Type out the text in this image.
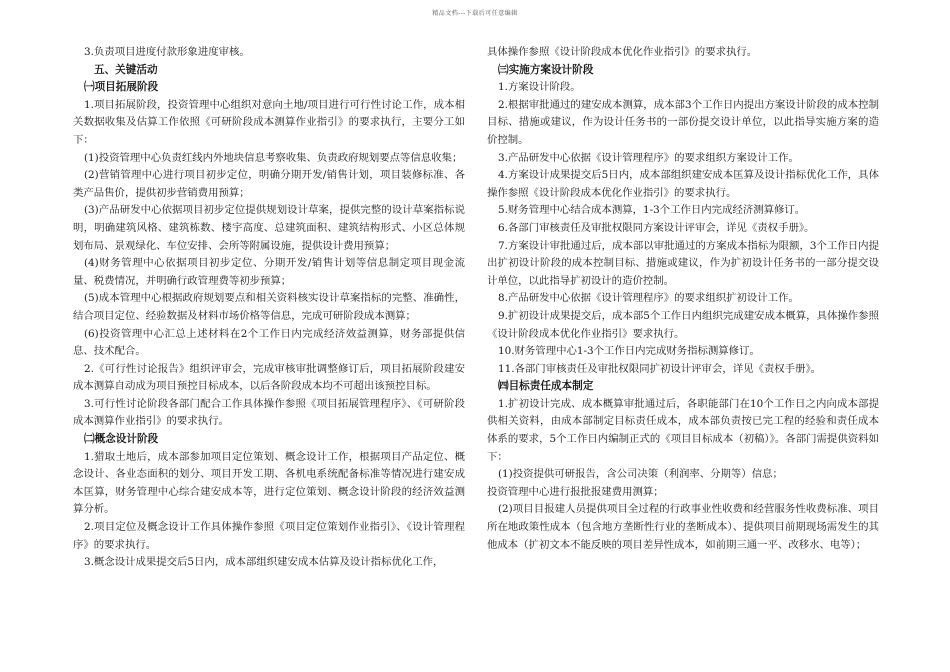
精品文档---下载后可任意编辑

3.负责项目进度付款形象进度审核。

五、关键活动

㈠项目拓展阶段

1.项目拓展阶段，投资管理中心组织对意向土地/项目进行可行性讨论工作，成本相关数据收集及估算工作依照《可研阶段成本测算作业指引》的要求执行，主要分工如下：

(1)投资管理中心负责红线内外地块信息考察收集、负责政府规划要点等信息收集；

(2)营销管理中心进行项目初步定位，明确分期开发/销售计划，项目装修标准、各类产品售价，提供初步营销费用预算；

(3)产品研发中心依据项目初步定位提供规划设计草案，提供完整的设计草案指标说明，明确建筑风格、建筑栋数、楼宇高度、总建筑面积、建筑结构形式、小区总体规划布局、景观绿化、车位安排、会所等附属设施，提供设计费用预算；

(4)财务管理中心依据项目初步定位、分期开发/销售计划等信息制定项目现金流量、税费情况，并明确行政管理费等初步预算；

(5)成本管理中心根据政府规划要点和相关资料核实设计草案指标的完整、准确性，结合项目定位、经验数据及材料市场价格等信息，完成可研阶段成本测算；

(6)投资管理中心汇总上述材料在2个工作日内完成经济效益测算，财务部提供信息、技术配合。

2.《可行性讨论报告》组织评审会，完成审核审批调整修订后，项目拓展阶段建安成本测算自动成为项目预控目标成本，以后各阶段成本均不可超出该预控目标。

3.可行性讨论阶段各部门配合工作具体操作参照《项目拓展管理程序》、《可研阶段成本测算作业指引》的要求执行。

㈡概念设计阶段

1.猎取土地后，成本部参加项目定位策划、概念设计工作，根据项目产品定位、概念设计、各业态面积的划分、项目开发工期、各机电系统配备标准等情况进行建安成本匡算，财务管理中心综合建安成本等，进行定位策划、概念设计阶段的经济效益测算分析。

2.项目定位及概念设计工作具体操作参照《项目定位策划作业指引》、《设计管理程序》的要求执行。

3.概念设计成果提交后5日内，成本部组织建安成本估算及设计指标优化工作，

具体操作参照《设计阶段成本优化作业指引》的要求执行。

㈢实施方案设计阶段

1.方案设计阶段。

2.根据审批通过的建安成本测算，成本部3个工作日内提出方案设计阶段的成本控制目标、措施或建议，作为设计任务书的一部份提交设计单位，以此指导实施方案的造价控制。

3.产品研发中心依据《设计管理程序》的要求组织方案设计工作。

4.方案设计成果提交后5日内，成本部组织建安成本匡算及设计指标优化工作，具体操作参照《设计阶段成本优化作业指引》的要求执行。

5.财务管理中心结合成本测算，1-3个工作日内完成经济测算修订。

6.各部门审核责任及审批权限同方案设计评审会，详见《责权手册》。

7.方案设计审批通过后，成本部以审批通过的方案成本指标为限额，3个工作日内提出扩初设计阶段的成本控制目标、措施或建议，作为扩初设计任务书的一部分提交设计单位，以此指导扩初设计的造价控制。

8.产品研发中心依据《设计管理程序》的要求组织扩初设计工作。

9.扩初设计成果提交后，成本部5个工作日内组织完成建安成本概算，具体操作参照《设计阶段成本优化作业指引》要求执行。

10.财务管理中心1-3个工作日内完成财务指标测算修订。

11.各部门审核责任及审批权限同扩初设计评审会，详见《责权手册》。

㈣目标责任成本制定

1.扩初设计完成、成本概算审批通过后，各职能部门在10个工作日之内向成本部提供相关资料，由成本部制定目标责任成本，成本部负责按已完工程的经验和责任成本体系的要求，5个工作日内编制正式的《项目目标成本（初稿）》。各部门需提供资料如下：

(1)投资提供可研报告，含公司决策（利润率、分期等）信息；

投资管理中心进行报批报建费用测算；

(2)项目目报建人员提供项目全过程的行政事业性收费和经营服务性收费标准、项目所在地政策性成本（包含地方垄断性行业的垄断成本）、提供项目前期现场需发生的其他成本（扩初文本不能反映的项目差异性成本，如前期三通一平、改移水、电等）；
